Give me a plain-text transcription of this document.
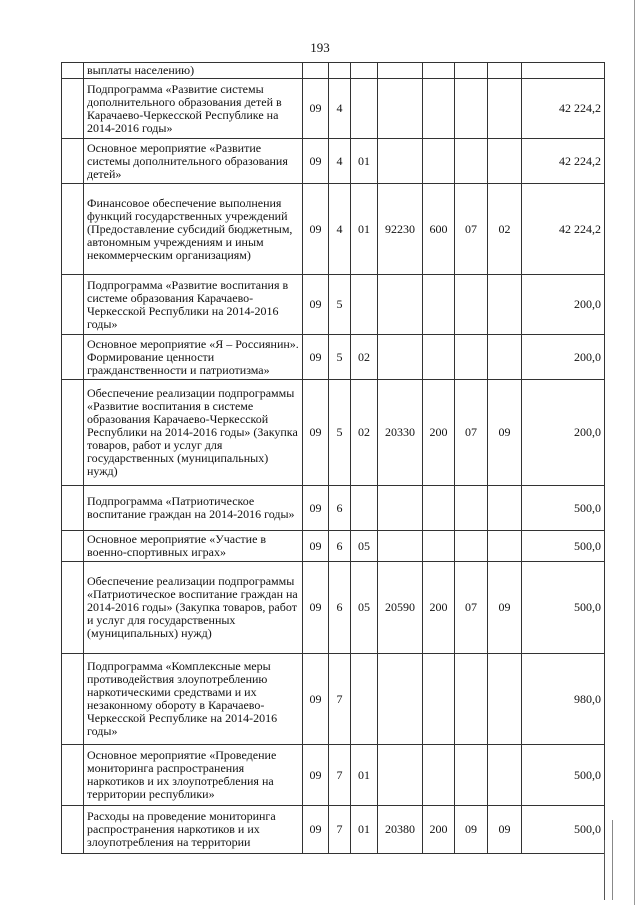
193
	выплаты населению)								
	Подпрограмма «Развитие системы дополнительного образования детей в Карачаево-Черкесской Республике на 2014-2016 годы»	09	4						42 224,2
	Основное мероприятие «Развитие системы дополнительного образования детей»	09	4	01					42 224,2
	Финансовое обеспечение выполнения функций государственных учреждений (Предоставление субсидий бюджетным, автономным учреждениям и иным некоммерческим организациям)	09	4	01	92230	600	07	02	42 224,2
	Подпрограмма «Развитие воспитания в системе образования Карачаево-Черкесской Республики на 2014-2016 годы»	09	5						200,0
	Основное мероприятие «Я – Россиянин». Формирование ценности гражданственности и патриотизма»	09	5	02					200,0
	Обеспечение реализации подпрограммы «Развитие воспитания в системе образования Карачаево-Черкесской Республики на 2014-2016 годы» (Закупка товаров, работ и услуг для государственных (муниципальных) нужд)	09	5	02	20330	200	07	09	200,0
	Подпрограмма «Патриотическое воспитание граждан на 2014-2016 годы»	09	6						500,0
	Основное мероприятие «Участие в военно-спортивных играх»	09	6	05					500,0
	Обеспечение реализации подпрограммы «Патриотическое воспитание граждан на 2014-2016 годы» (Закупка товаров, работ и услуг для государственных (муниципальных) нужд)	09	6	05	20590	200	07	09	500,0
	Подпрограмма «Комплексные меры противодействия злоупотреблению наркотическими средствами и их незаконному обороту в Карачаево-Черкесской Республике на 2014-2016 годы»	09	7						980,0
	Основное мероприятие «Проведение мониторинга распространения наркотиков и их злоупотребления на территории республики»	09	7	01					500,0
	Расходы на проведение мониторинга распространения наркотиков и их злоупотребления на территории	09	7	01	20380	200	09	09	500,0
